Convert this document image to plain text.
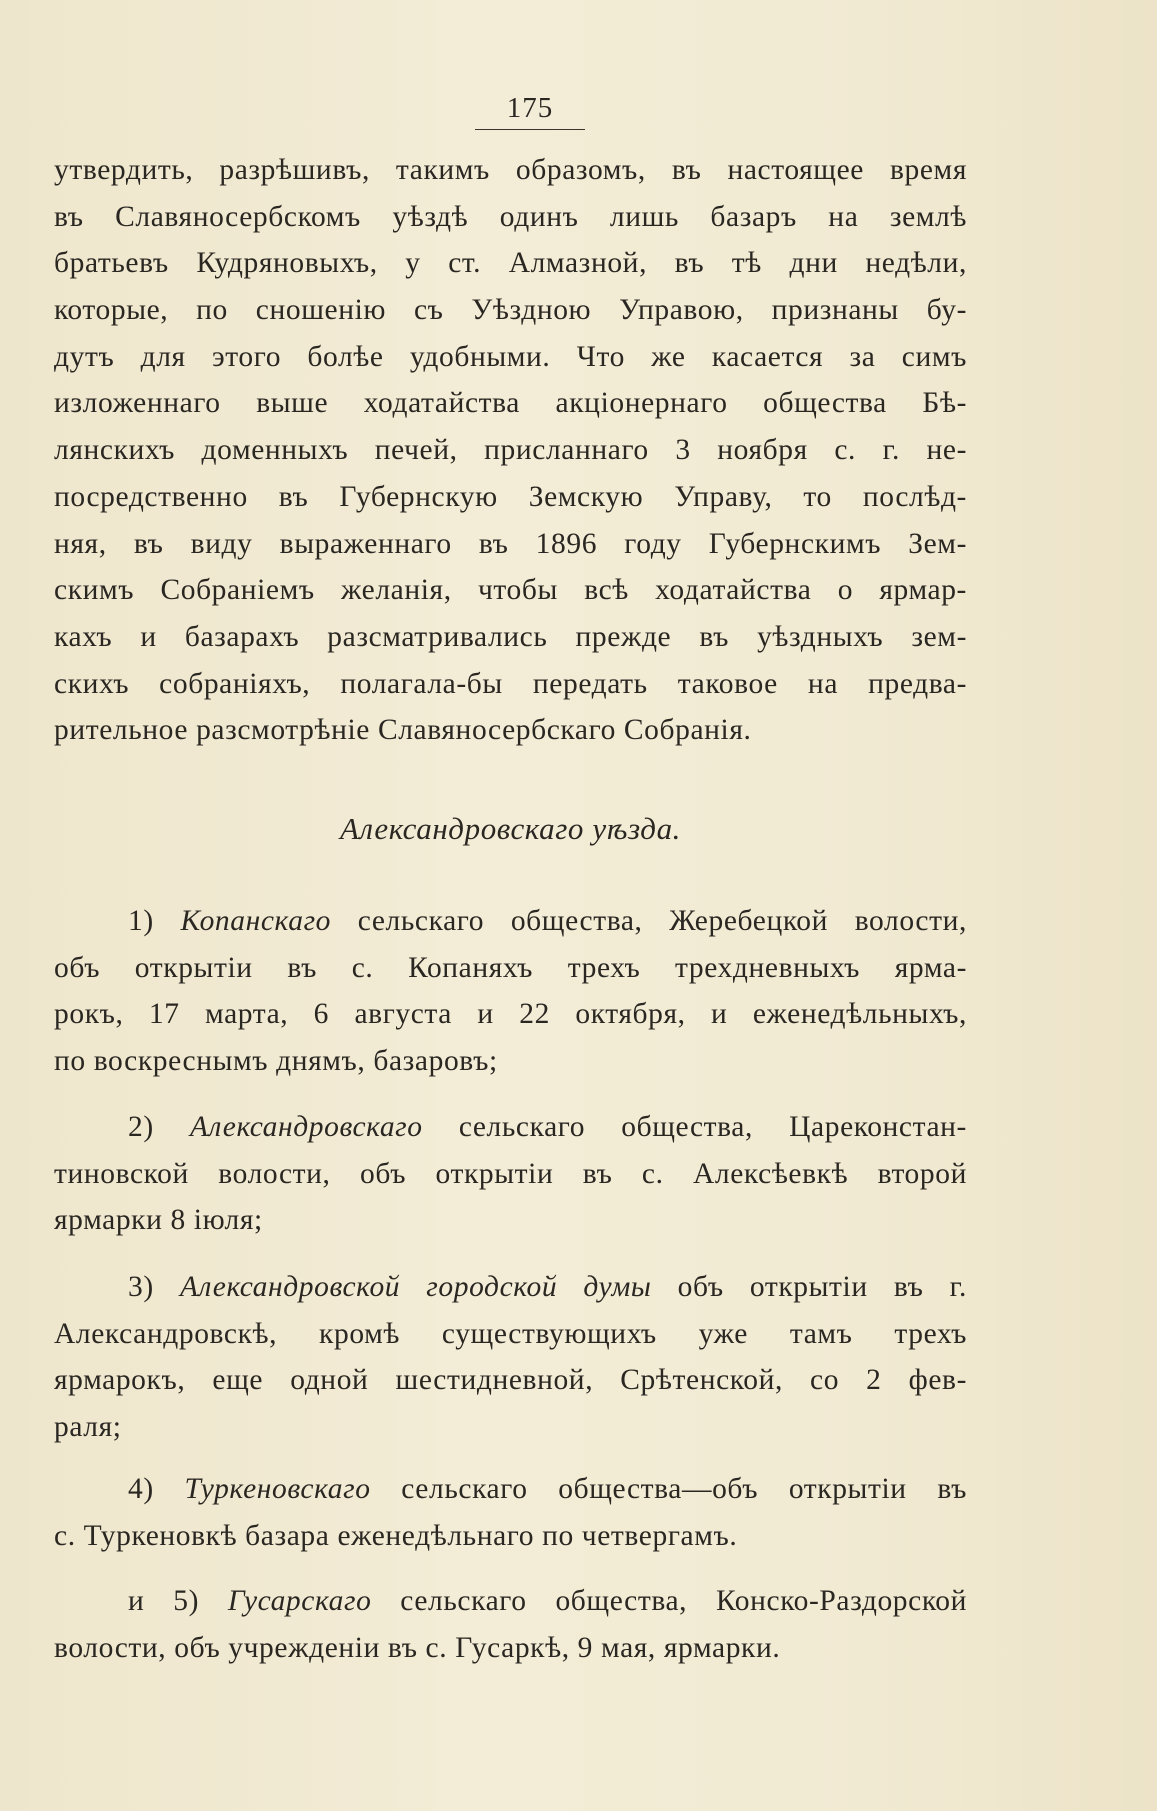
175
утвердить, разрѣшивъ, такимъ образомъ, въ настоящее время
въ Славяносербскомъ уѣздѣ одинъ лишь базаръ на землѣ
братьевъ Кудряновыхъ, у ст. Алмазной, въ тѣ дни недѣли,
которые, по сношенію съ Уѣздною Управою, признаны бу-
дутъ для этого болѣе удобными. Что же касается за симъ
изложеннаго выше ходатайства акціонернаго общества Бѣ-
лянскихъ доменныхъ печей, присланнаго 3 ноября с. г. не-
посредственно въ Губернскую Земскую Управу, то послѣд-
няя, въ виду выраженнаго въ 1896 году Губернскимъ Зем-
скимъ Собраніемъ желанія, чтобы всѣ ходатайства о ярмар-
кахъ и базарахъ разсматривались прежде въ уѣздныхъ зем-
скихъ собраніяхъ, полагала-бы передать таковое на предва-
рительное разсмотрѣніе Славяносербскаго Собранія.
Александровскаго уѣзда.
1) Копанскаго сельскаго общества, Жеребецкой волости,
объ открытіи въ с. Копаняхъ трехъ трехдневныхъ ярма-
рокъ, 17 марта, 6 августа и 22 октября, и еженедѣльныхъ,
по воскреснымъ днямъ, базаровъ;
2) Александровскаго сельскаго общества, Цареконстан-
тиновской волости, объ открытіи въ с. Алексѣевкѣ второй
ярмарки 8 іюля;
3) Александровской городской думы объ открытіи въ г.
Александровскѣ, кромѣ существующихъ уже тамъ трехъ
ярмарокъ, еще одной шестидневной, Срѣтенской, со 2 фев-
раля;
4) Туркеновскаго сельскаго общества—объ открытіи въ
с. Туркеновкѣ базара еженедѣльнаго по четвергамъ.
и 5) Гусарскаго сельскаго общества, Конско-Раздорской
волости, объ учрежденіи въ с. Гусаркѣ, 9 мая, ярмарки.
